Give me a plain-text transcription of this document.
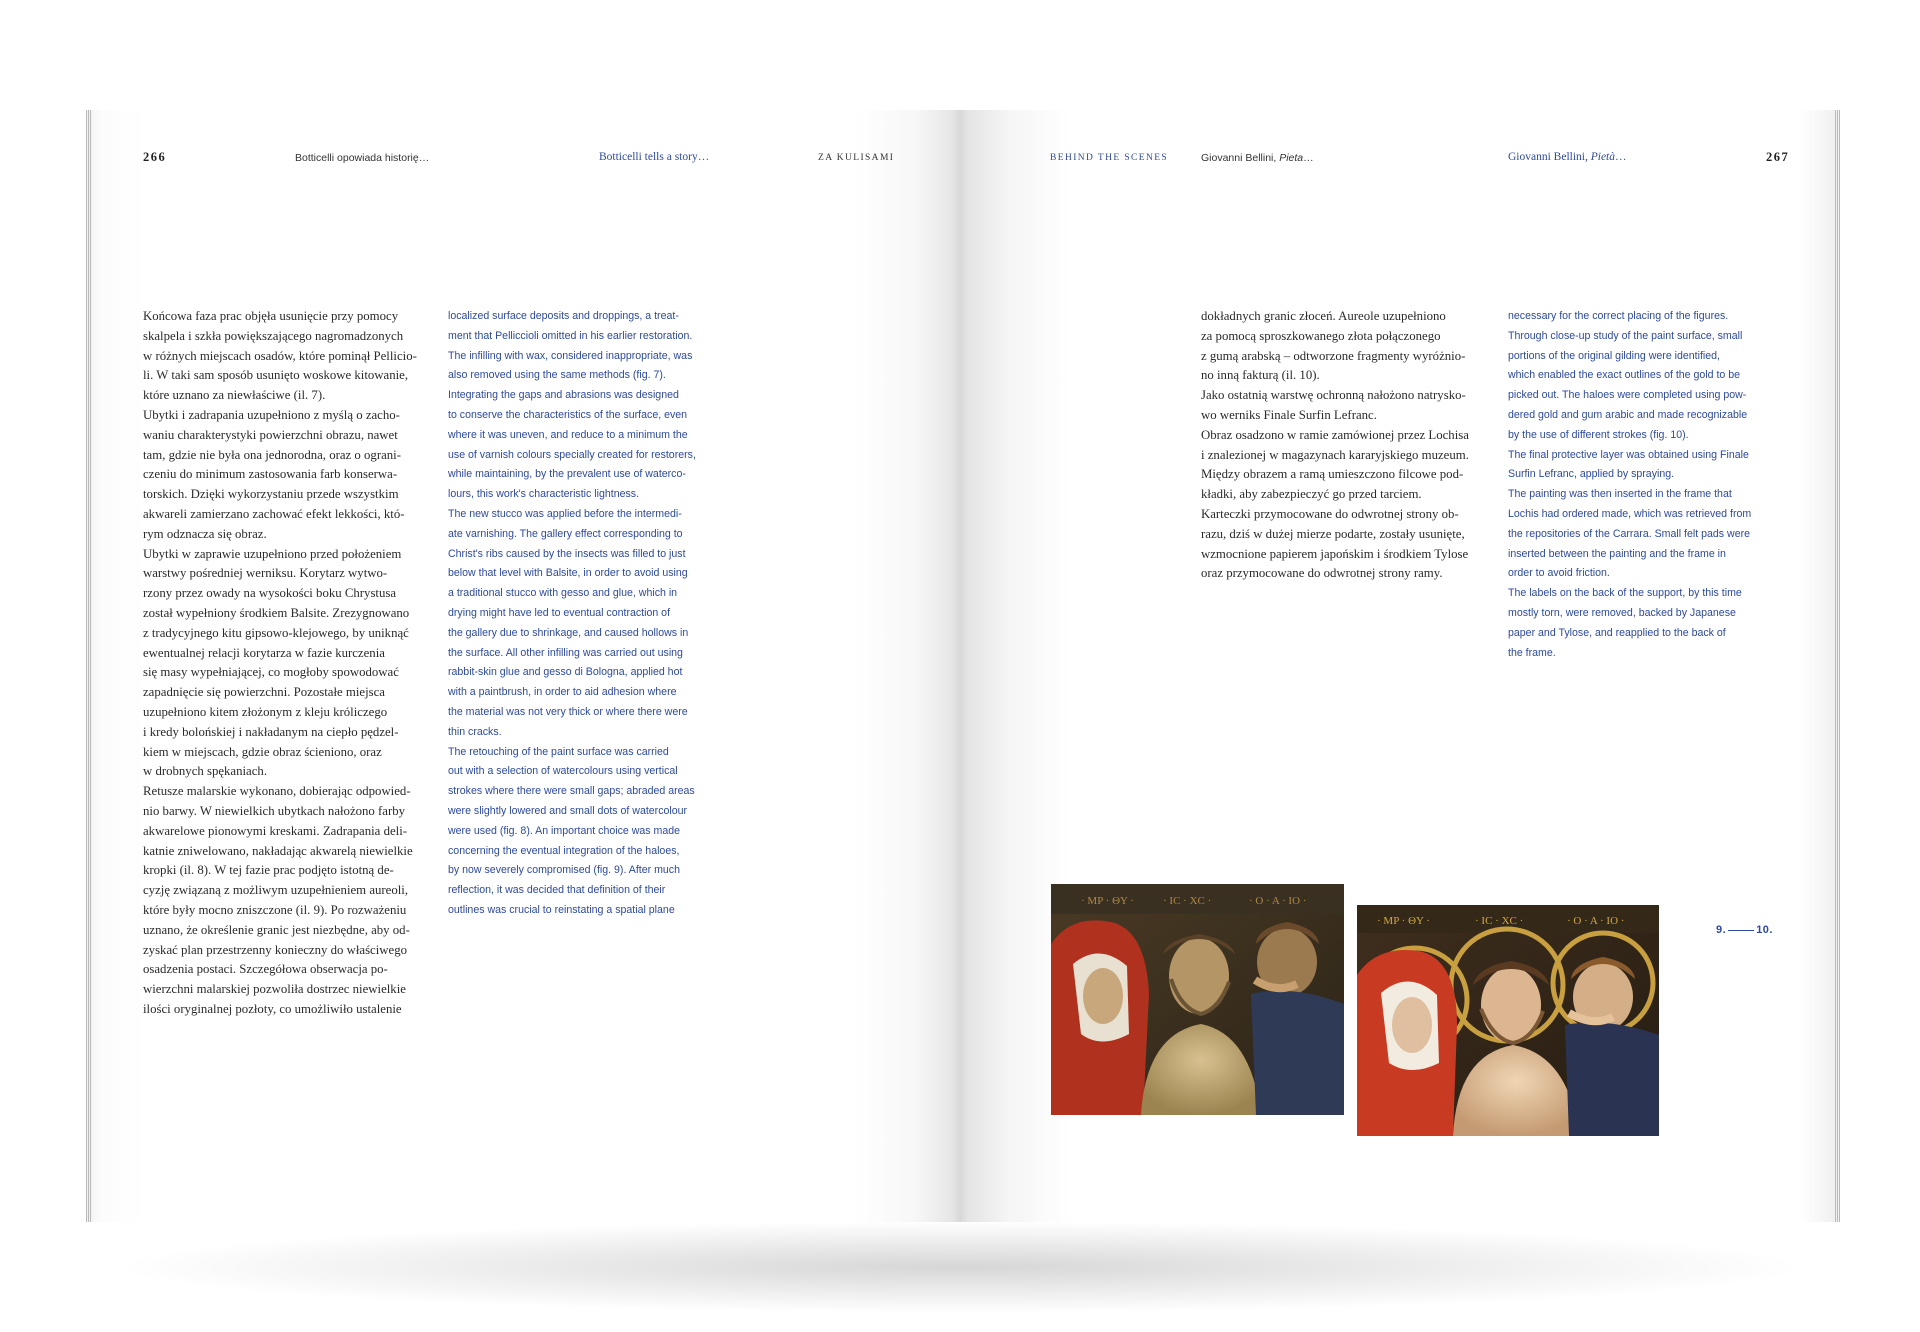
266	Botticelli opowiada historię…	Botticelli tells a story…	ZA KULISAMI	BEHIND THE SCENES	Giovanni Bellini, Pieta…	Giovanni Bellini, Pietà…	267
Końcowa faza prac objęła usunięcie przy pomocy
skalpela i szkła powiększającego nagromadzonych
w różnych miejscach osadów, które pominął Pellicio-
li. W taki sam sposób usunięto woskowe kitowanie,
które uznano za niewłaściwe (il. 7).
Ubytki i zadrapania uzupełniono z myślą o zacho-
waniu charakterystyki powierzchni obrazu, nawet
tam, gdzie nie była ona jednorodna, oraz o ograni-
czeniu do minimum zastosowania farb konserwa-
torskich. Dzięki wykorzystaniu przede wszystkim
akwareli zamierzano zachować efekt lekkości, któ-
rym odznacza się obraz.
Ubytki w zaprawie uzupełniono przed położeniem
warstwy pośredniej werniksu. Korytarz wytwo-
rzony przez owady na wysokości boku Chrystusa
został wypełniony środkiem Balsite. Zrezygnowano
z tradycyjnego kitu gipsowo-klejowego, by uniknąć
ewentualnej relacji korytarza w fazie kurczenia
się masy wypełniającej, co mogłoby spowodować
zapadnięcie się powierzchni. Pozostałe miejsca
uzupełniono kitem złożonym z kleju króliczego
i kredy bolońskiej i nakładanym na ciepło pędzel-
kiem w miejscach, gdzie obraz ścieniono, oraz
w drobnych spękaniach.
Retusze malarskie wykonano, dobierając odpowied-
nio barwy. W niewielkich ubytkach nałożono farby
akwarelowe pionowymi kreskami. Zadrapania deli-
katnie zniwelowano, nakładając akwarelą niewielkie
kropki (il. 8). W tej fazie prac podjęto istotną de-
cyzję związaną z możliwym uzupełnieniem aureoli,
które były mocno zniszczone (il. 9). Po rozważeniu
uznano, że określenie granic jest niezbędne, aby od-
zyskać plan przestrzenny konieczny do właściwego
osadzenia postaci. Szczegółowa obserwacja po-
wierzchni malarskiej pozwoliła dostrzec niewielkie
ilości oryginalnej pozłoty, co umożliwiło ustalenie
localized surface deposits and droppings, a treat-
ment that Pelliccioli omitted in his earlier restoration.
The infilling with wax, considered inappropriate, was
also removed using the same methods (fig. 7).
Integrating the gaps and abrasions was designed
to conserve the characteristics of the surface, even
where it was uneven, and reduce to a minimum the
use of varnish colours specially created for restorers,
while maintaining, by the prevalent use of waterco-
lours, this work's characteristic lightness.
The new stucco was applied before the intermedi-
ate varnishing. The gallery effect corresponding to
Christ's ribs caused by the insects was filled to just
below that level with Balsite, in order to avoid using
a traditional stucco with gesso and glue, which in
drying might have led to eventual contraction of
the gallery due to shrinkage, and caused hollows in
the surface. All other infilling was carried out using
rabbit-skin glue and gesso di Bologna, applied hot
with a paintbrush, in order to aid adhesion where
the material was not very thick or where there were
thin cracks.
The retouching of the paint surface was carried
out with a selection of watercolours using vertical
strokes where there were small gaps; abraded areas
were slightly lowered and small dots of watercolour
were used (fig. 8). An important choice was made
concerning the eventual integration of the haloes,
by now severely compromised (fig. 9). After much
reflection, it was decided that definition of their
outlines was crucial to reinstating a spatial plane
dokładnych granic złoceń. Aureole uzupełniono
za pomocą sproszkowanego złota połączonego
z gumą arabską – odtworzone fragmenty wyróżnio-
no inną fakturą (il. 10).
Jako ostatnią warstwę ochronną nałożono natrysko-
wo werniks Finale Surfin Lefranc.
Obraz osadzono w ramie zamówionej przez Lochisa
i znalezionej w magazynach kararyjskiego muzeum.
Między obrazem a ramą umieszczono filcowe pod-
kładki, aby zabezpieczyć go przed tarciem.
Karteczki przymocowane do odwrotnej strony ob-
razu, dziś w dużej mierze podarte, zostały usunięte,
wzmocnione papierem japońskim i środkiem Tylose
oraz przymocowane do odwrotnej strony ramy.
necessary for the correct placing of the figures.
Through close-up study of the paint surface, small
portions of the original gilding were identified,
which enabled the exact outlines of the gold to be
picked out. The haloes were completed using pow-
dered gold and gum arabic and made recognizable
by the use of different strokes (fig. 10).
The final protective layer was obtained using Finale
Surfin Lefranc, applied by spraying.
The painting was then inserted in the frame that
Lochis had ordered made, which was retrieved from
the repositories of the Carrara. Small felt pads were
inserted between the painting and the frame in
order to avoid friction.
The labels on the back of the support, by this time
mostly torn, were removed, backed by Japanese
paper and Tylose, and reapplied to the back of
the frame.
· MP · ΘY ·	· IC · XC ·	· O · A · IO ·
· MP · ΘY ·	· IC · XC ·	· O · A · IO ·
9.	10.
